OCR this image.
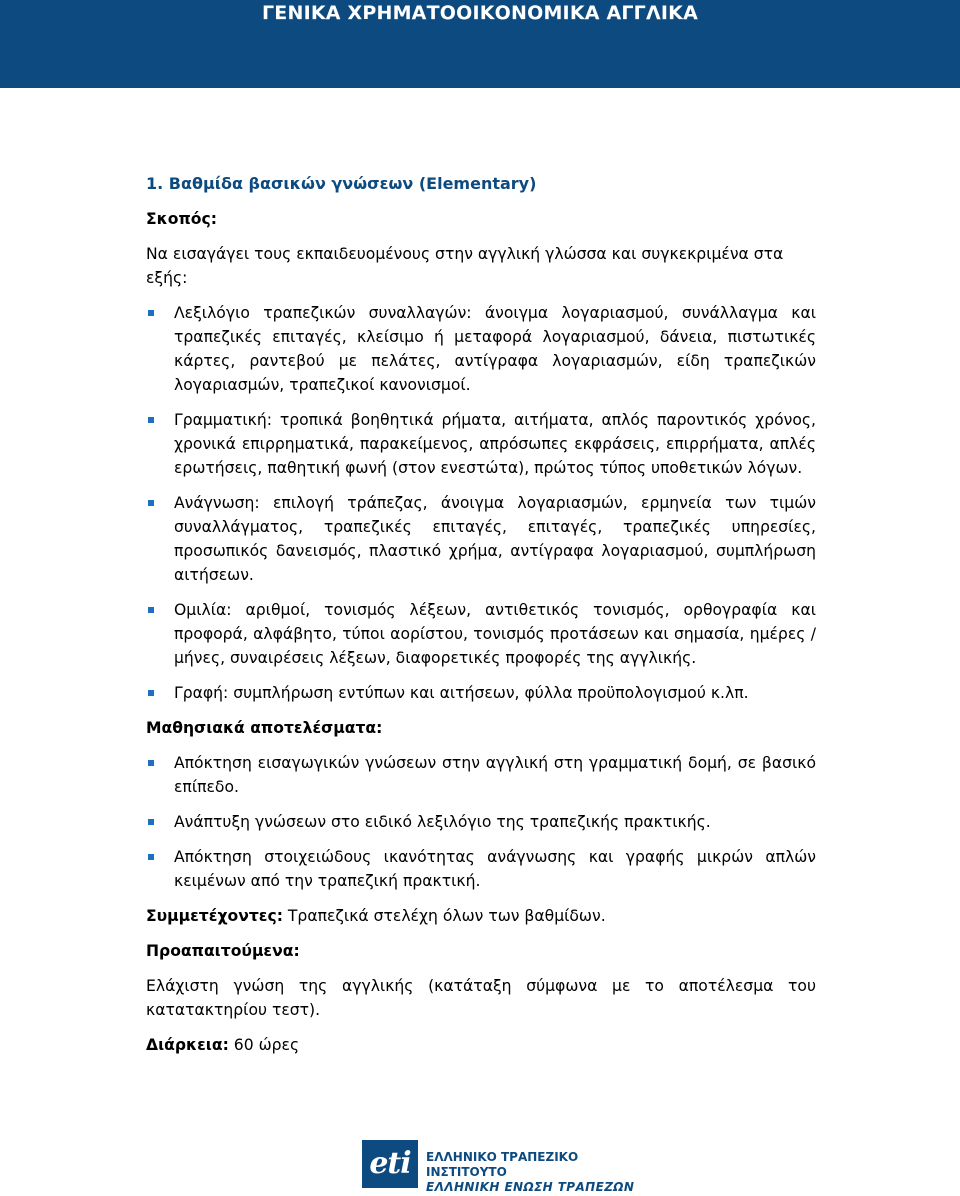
ΓΕΝΙΚΑ ΧΡΗΜΑΤΟΟΙΚΟΝΟΜΙΚΑ ΑΓΓΛΙΚΑ

1. Βαθμίδα βασικών γνώσεων (Elementary)

Σκοπός:

Να εισαγάγει τους εκπαιδευομένους στην αγγλική γλώσσα και συγκεκριμένα στα εξής:

Λεξιλόγιο τραπεζικών συναλλαγών: άνοιγμα λογαριασμού, συνάλλαγμα και τραπεζικές επιταγές, κλείσιμο ή μεταφορά λογαριασμού, δάνεια, πιστωτικές κάρτες, ραντεβού με πελάτες, αντίγραφα λογαριασμών, είδη τραπεζικών λογαριασμών, τραπεζικοί κανονισμοί.
Γραμματική: τροπικά βοηθητικά ρήματα, αιτήματα, απλός παροντικός χρόνος, χρονικά επιρρηματικά, παρακείμενος, απρόσωπες εκφράσεις, επιρρήματα, απλές ερωτήσεις, παθητική φωνή (στον ενεστώτα), πρώτος τύπος υποθετικών λόγων.
Ανάγνωση: επιλογή τράπεζας, άνοιγμα λογαριασμών, ερμηνεία των τιμών συναλλάγματος, τραπεζικές επιταγές, επιταγές, τραπεζικές υπηρεσίες, προσωπικός δανεισμός, πλαστικό χρήμα, αντίγραφα λογαριασμού, συμπλήρωση αιτήσεων.
Ομιλία: αριθμοί, τονισμός λέξεων, αντιθετικός τονισμός, ορθογραφία και προφορά, αλφάβητο, τύποι αορίστου, τονισμός προτάσεων και σημασία, ημέρες / μήνες, συναιρέσεις λέξεων, διαφορετικές προφορές της αγγλικής.
Γραφή: συμπλήρωση εντύπων και αιτήσεων, φύλλα προϋπολογισμού κ.λπ.

Μαθησιακά αποτελέσματα:

Απόκτηση εισαγωγικών γνώσεων στην αγγλική στη γραμματική δομή, σε βασικό επίπεδο.
Ανάπτυξη γνώσεων στο ειδικό λεξιλόγιο της τραπεζικής πρακτικής.
Απόκτηση στοιχειώδους ικανότητας ανάγνωσης και γραφής μικρών απλών κειμένων από την τραπεζική πρακτική.

Συμμετέχοντες: Τραπεζικά στελέχη όλων των βαθμίδων.

Προαπαιτούμενα:

Ελάχιστη γνώση της αγγλικής (κατάταξη σύμφωνα με το αποτέλεσμα του κατατακτηρίου τεστ).

Διάρκεια: 60 ώρες

eti	ΕΛΛΗΝΙΚΟ ΤΡΑΠΕΖΙΚΟ ΙΝΣΤΙΤΟΥΤΟ
ΕΛΛΗΝΙΚΗ ΕΝΩΣΗ ΤΡΑΠΕΖΩΝ
